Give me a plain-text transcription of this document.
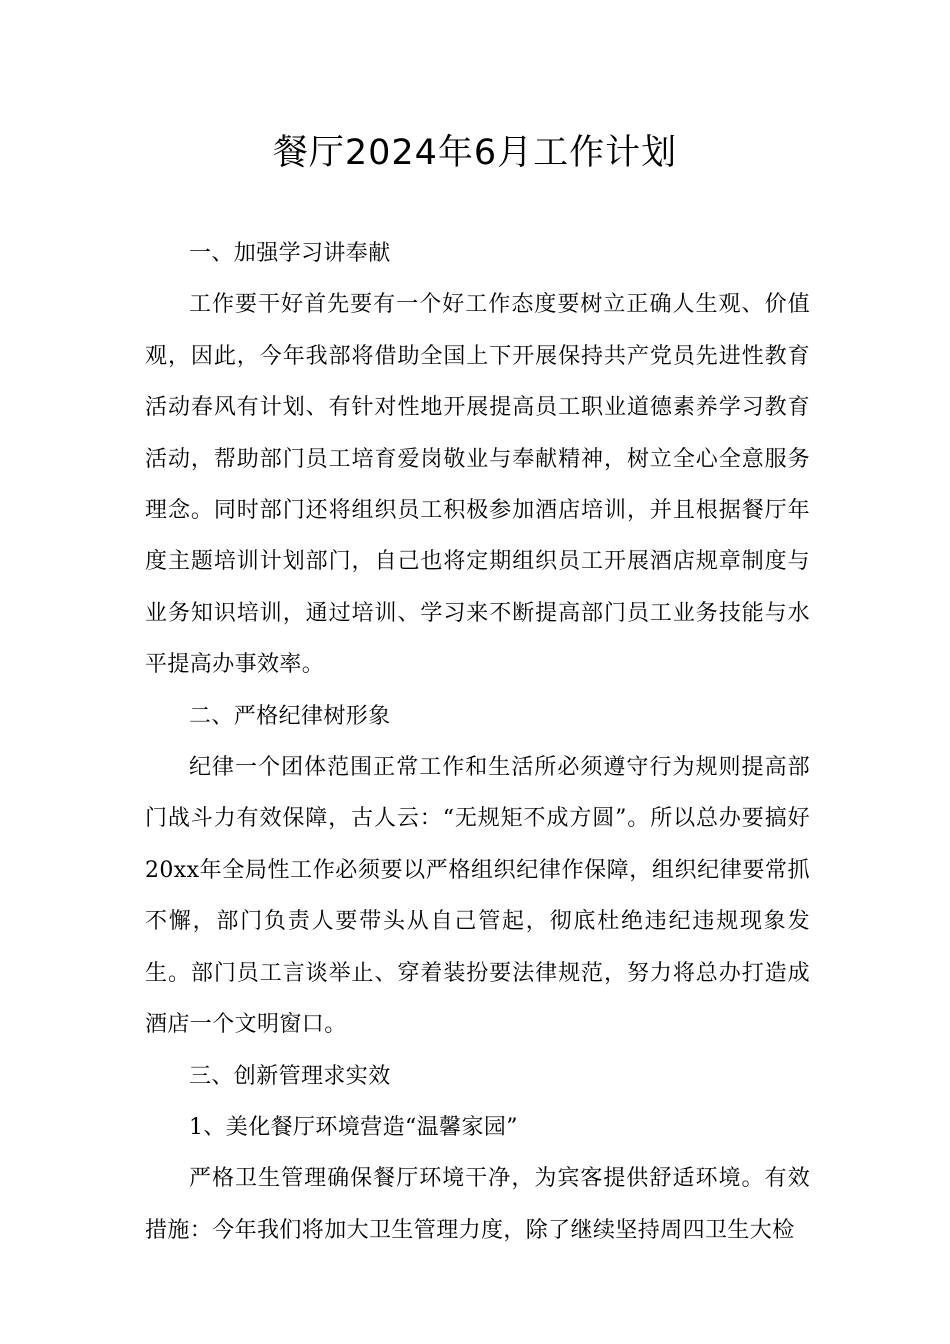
餐厅2024年6月工作计划

一、加强学习讲奉献

工作要干好首先要有一个好工作态度要树立正确人生观、价值观，因此，今年我部将借助全国上下开展保持共产党员先进性教育活动春风有计划、有针对性地开展提高员工职业道德素养学习教育活动，帮助部门员工培育爱岗敬业与奉献精神，树立全心全意服务理念。同时部门还将组织员工积极参加酒店培训，并且根据餐厅年度主题培训计划部门，自己也将定期组织员工开展酒店规章制度与业务知识培训，通过培训、学习来不断提高部门员工业务技能与水平提高办事效率。

二、严格纪律树形象

纪律一个团体范围正常工作和生活所必须遵守行为规则提高部门战斗力有效保障，古人云：“无规矩不成方圆”。所以总办要搞好20xx年全局性工作必须要以严格组织纪律作保障，组织纪律要常抓不懈，部门负责人要带头从自己管起，彻底杜绝违纪违规现象发生。部门员工言谈举止、穿着装扮要法律规范，努力将总办打造成酒店一个文明窗口。

三、创新管理求实效

1、美化餐厅环境营造“温馨家园”

严格卫生管理确保餐厅环境干净，为宾客提供舒适环境。有效措施：今年我们将加大卫生管理力度，除了继续坚持周四卫生大检
